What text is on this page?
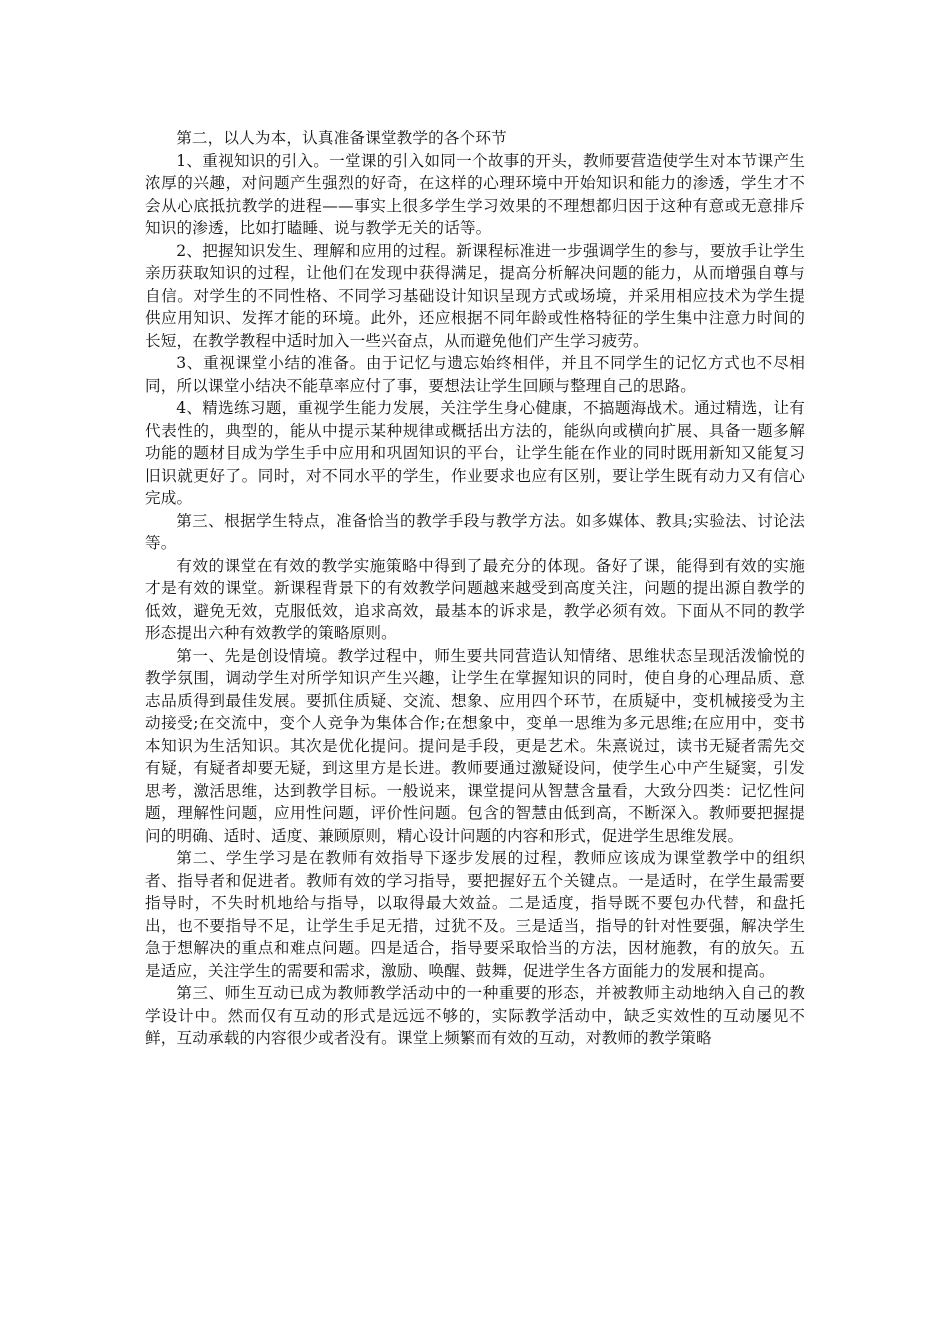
第二，以人为本，认真准备课堂教学的各个环节

1、重视知识的引入。一堂课的引入如同一个故事的开头，教师要营造使学生对本节课产生浓厚的兴趣，对问题产生强烈的好奇，在这样的心理环境中开始知识和能力的渗透，学生才不会从心底抵抗教学的进程——事实上很多学生学习效果的不理想都归因于这种有意或无意排斥知识的渗透，比如打瞌睡、说与教学无关的话等。

2、把握知识发生、理解和应用的过程。新课程标准进一步强调学生的参与，要放手让学生亲历获取知识的过程，让他们在发现中获得满足，提高分析解决问题的能力，从而增强自尊与自信。对学生的不同性格、不同学习基础设计知识呈现方式或场境，并采用相应技术为学生提供应用知识、发挥才能的环境。此外，还应根据不同年龄或性格特征的学生集中注意力时间的长短，在教学教程中适时加入一些兴奋点，从而避免他们产生学习疲劳。

3、重视课堂小结的准备。由于记忆与遗忘始终相伴，并且不同学生的记忆方式也不尽相同，所以课堂小结决不能草率应付了事，要想法让学生回顾与整理自己的思路。

4、精选练习题，重视学生能力发展，关注学生身心健康，不搞题海战术。通过精选，让有代表性的，典型的，能从中提示某种规律或概括出方法的，能纵向或横向扩展、具备一题多解功能的题材目成为学生手中应用和巩固知识的平台，让学生能在作业的同时既用新知又能复习旧识就更好了。同时，对不同水平的学生，作业要求也应有区别，要让学生既有动力又有信心完成。

第三、根据学生特点，准备恰当的教学手段与教学方法。如多媒体、教具;实验法、讨论法等。

有效的课堂在有效的教学实施策略中得到了最充分的体现。备好了课，能得到有效的实施才是有效的课堂。新课程背景下的有效教学问题越来越受到高度关注，问题的提出源自教学的低效，避免无效，克服低效，追求高效，最基本的诉求是，教学必须有效。下面从不同的教学形态提出六种有效教学的策略原则。

第一、先是创设情境。教学过程中，师生要共同营造认知情绪、思维状态呈现活泼愉悦的教学氛围，调动学生对所学知识产生兴趣，让学生在掌握知识的同时，使自身的心理品质、意志品质得到最佳发展。要抓住质疑、交流、想象、应用四个环节，在质疑中，变机械接受为主动接受;在交流中，变个人竞争为集体合作;在想象中，变单一思维为多元思维;在应用中，变书本知识为生活知识。其次是优化提问。提问是手段，更是艺术。朱熹说过，读书无疑者需先交有疑，有疑者却要无疑，到这里方是长进。教师要通过激疑设问，使学生心中产生疑窦，引发思考，激活思维，达到教学目标。一般说来，课堂提问从智慧含量看，大致分四类：记忆性问题，理解性问题，应用性问题，评价性问题。包含的智慧由低到高，不断深入。教师要把握提问的明确、适时、适度、兼顾原则，精心设计问题的内容和形式，促进学生思维发展。

第二、学生学习是在教师有效指导下逐步发展的过程，教师应该成为课堂教学中的组织者、指导者和促进者。教师有效的学习指导，要把握好五个关键点。一是适时，在学生最需要指导时，不失时机地给与指导，以取得最大效益。二是适度，指导既不要包办代替，和盘托出，也不要指导不足，让学生手足无措，过犹不及。三是适当，指导的针对性要强，解决学生急于想解决的重点和难点问题。四是适合，指导要采取恰当的方法，因材施教，有的放矢。五是适应，关注学生的需要和需求，激励、唤醒、鼓舞，促进学生各方面能力的发展和提高。

第三、师生互动已成为教师教学活动中的一种重要的形态，并被教师主动地纳入自己的教学设计中。然而仅有互动的形式是远远不够的，实际教学活动中，缺乏实效性的互动屡见不鲜，互动承载的内容很少或者没有。课堂上频繁而有效的互动，对教师的教学策略
